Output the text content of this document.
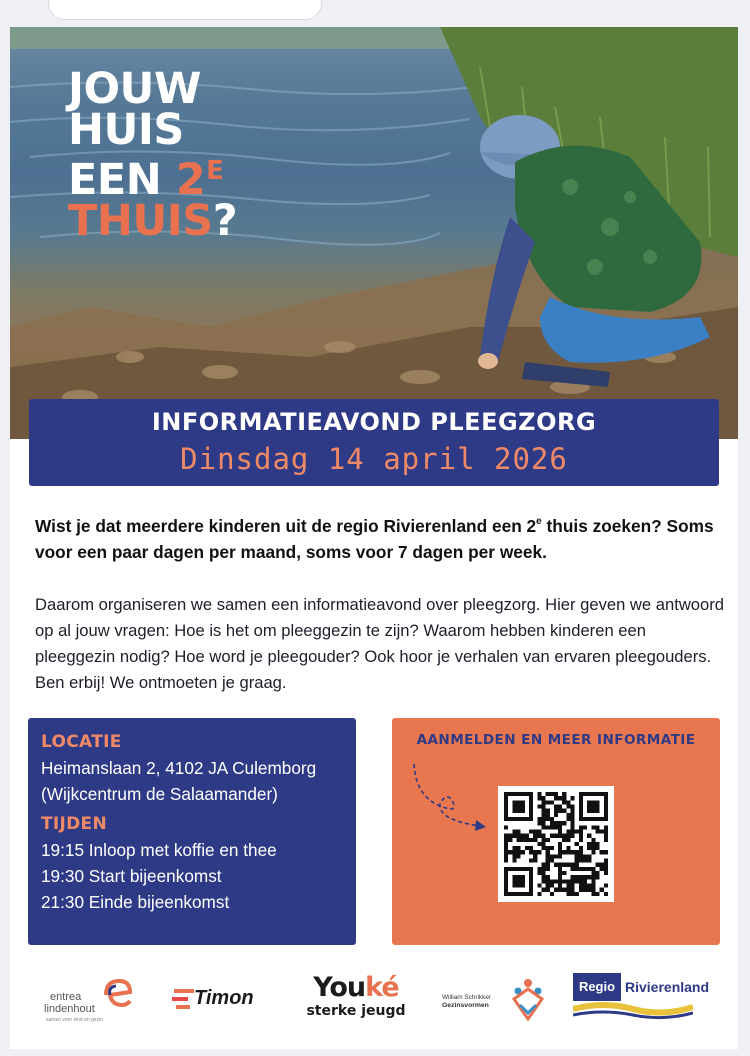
JOUW
HUIS
EEN $2^E$
THUIS?
INFORMATIEAVOND PLEEGZORG
Dinsdag 14 april 2026
Wist je dat meerdere kinderen uit de regio Rivierenland een 2e thuis zoeken? Soms voor een paar dagen per maand, soms voor 7 dagen per week.
Daarom organiseren we samen een informatieavond over pleegzorg. Hier geven we antwoord op al jouw vragen: Hoe is het om pleeggezin te zijn? Waarom hebben kinderen een pleeggezin nodig? Hoe word je pleegouder? Ook hoor je verhalen van ervaren pleegouders. Ben erbij! We ontmoeten je graag.
LOCATIE
Heimanslaan 2, 4102 JA Culemborg
(Wijkcentrum de Salaamander)
TIJDEN
19:15 Inloop met koffie en thee
19:30 Start bijeenkomst
21:30 Einde bijeenkomst
AANMELDEN EN MEER INFORMATIE
entrea
lindenhout
samen voor kind en gezin
Timon	Youké
sterke jeugd
William Schrikker
Gezinsvormen
Regio Rivierenland
